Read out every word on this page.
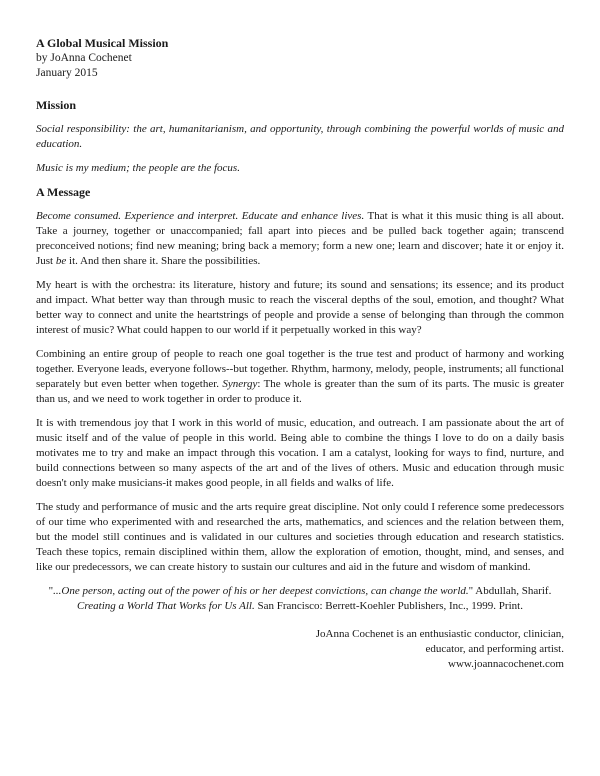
A Global Musical Mission
by JoAnna Cochenet
January 2015
Mission

Social responsibility: the art, humanitarianism, and opportunity, through combining the powerful worlds of music and education.

Music is my medium; the people are the focus.

A Message

Become consumed. Experience and interpret. Educate and enhance lives. That is what it this music thing is all about. Take a journey, together or unaccompanied; fall apart into pieces and be pulled back together again; transcend preconceived notions; find new meaning; bring back a memory; form a new one; learn and discover; hate it or enjoy it. Just be it. And then share it. Share the possibilities.

My heart is with the orchestra: its literature, history and future; its sound and sensations; its essence; and its product and impact. What better way than through music to reach the visceral depths of the soul, emotion, and thought? What better way to connect and unite the heartstrings of people and provide a sense of belonging than through the common interest of music? What could happen to our world if it perpetually worked in this way?

Combining an entire group of people to reach one goal together is the true test and product of harmony and working together. Everyone leads, everyone follows--but together. Rhythm, harmony, melody, people, instruments; all functional separately but even better when together. Synergy: The whole is greater than the sum of its parts. The music is greater than us, and we need to work together in order to produce it.

It is with tremendous joy that I work in this world of music, education, and outreach. I am passionate about the art of music itself and of the value of people in this world. Being able to combine the things I love to do on a daily basis motivates me to try and make an impact through this vocation. I am a catalyst, looking for ways to find, nurture, and build connections between so many aspects of the art and of the lives of others. Music and education through music doesn't only make musicians-it makes good people, in all fields and walks of life.

The study and performance of music and the arts require great discipline. Not only could I reference some predecessors of our time who experimented with and researched the arts, mathematics, and sciences and the relation between them, but the model still continues and is validated in our cultures and societies through education and research statistics. Teach these topics, remain disciplined within them, allow the exploration of emotion, thought, mind, and senses, and like our predecessors, we can create history to sustain our cultures and aid in the future and wisdom of mankind.

"...One person, acting out of the power of his or her deepest convictions, can change the world." Abdullah, Sharif. Creating a World That Works for Us All. San Francisco: Berrett-Koehler Publishers, Inc., 1999. Print.

JoAnna Cochenet is an enthusiastic conductor, clinician,
educator, and performing artist.
www.joannacochenet.com
